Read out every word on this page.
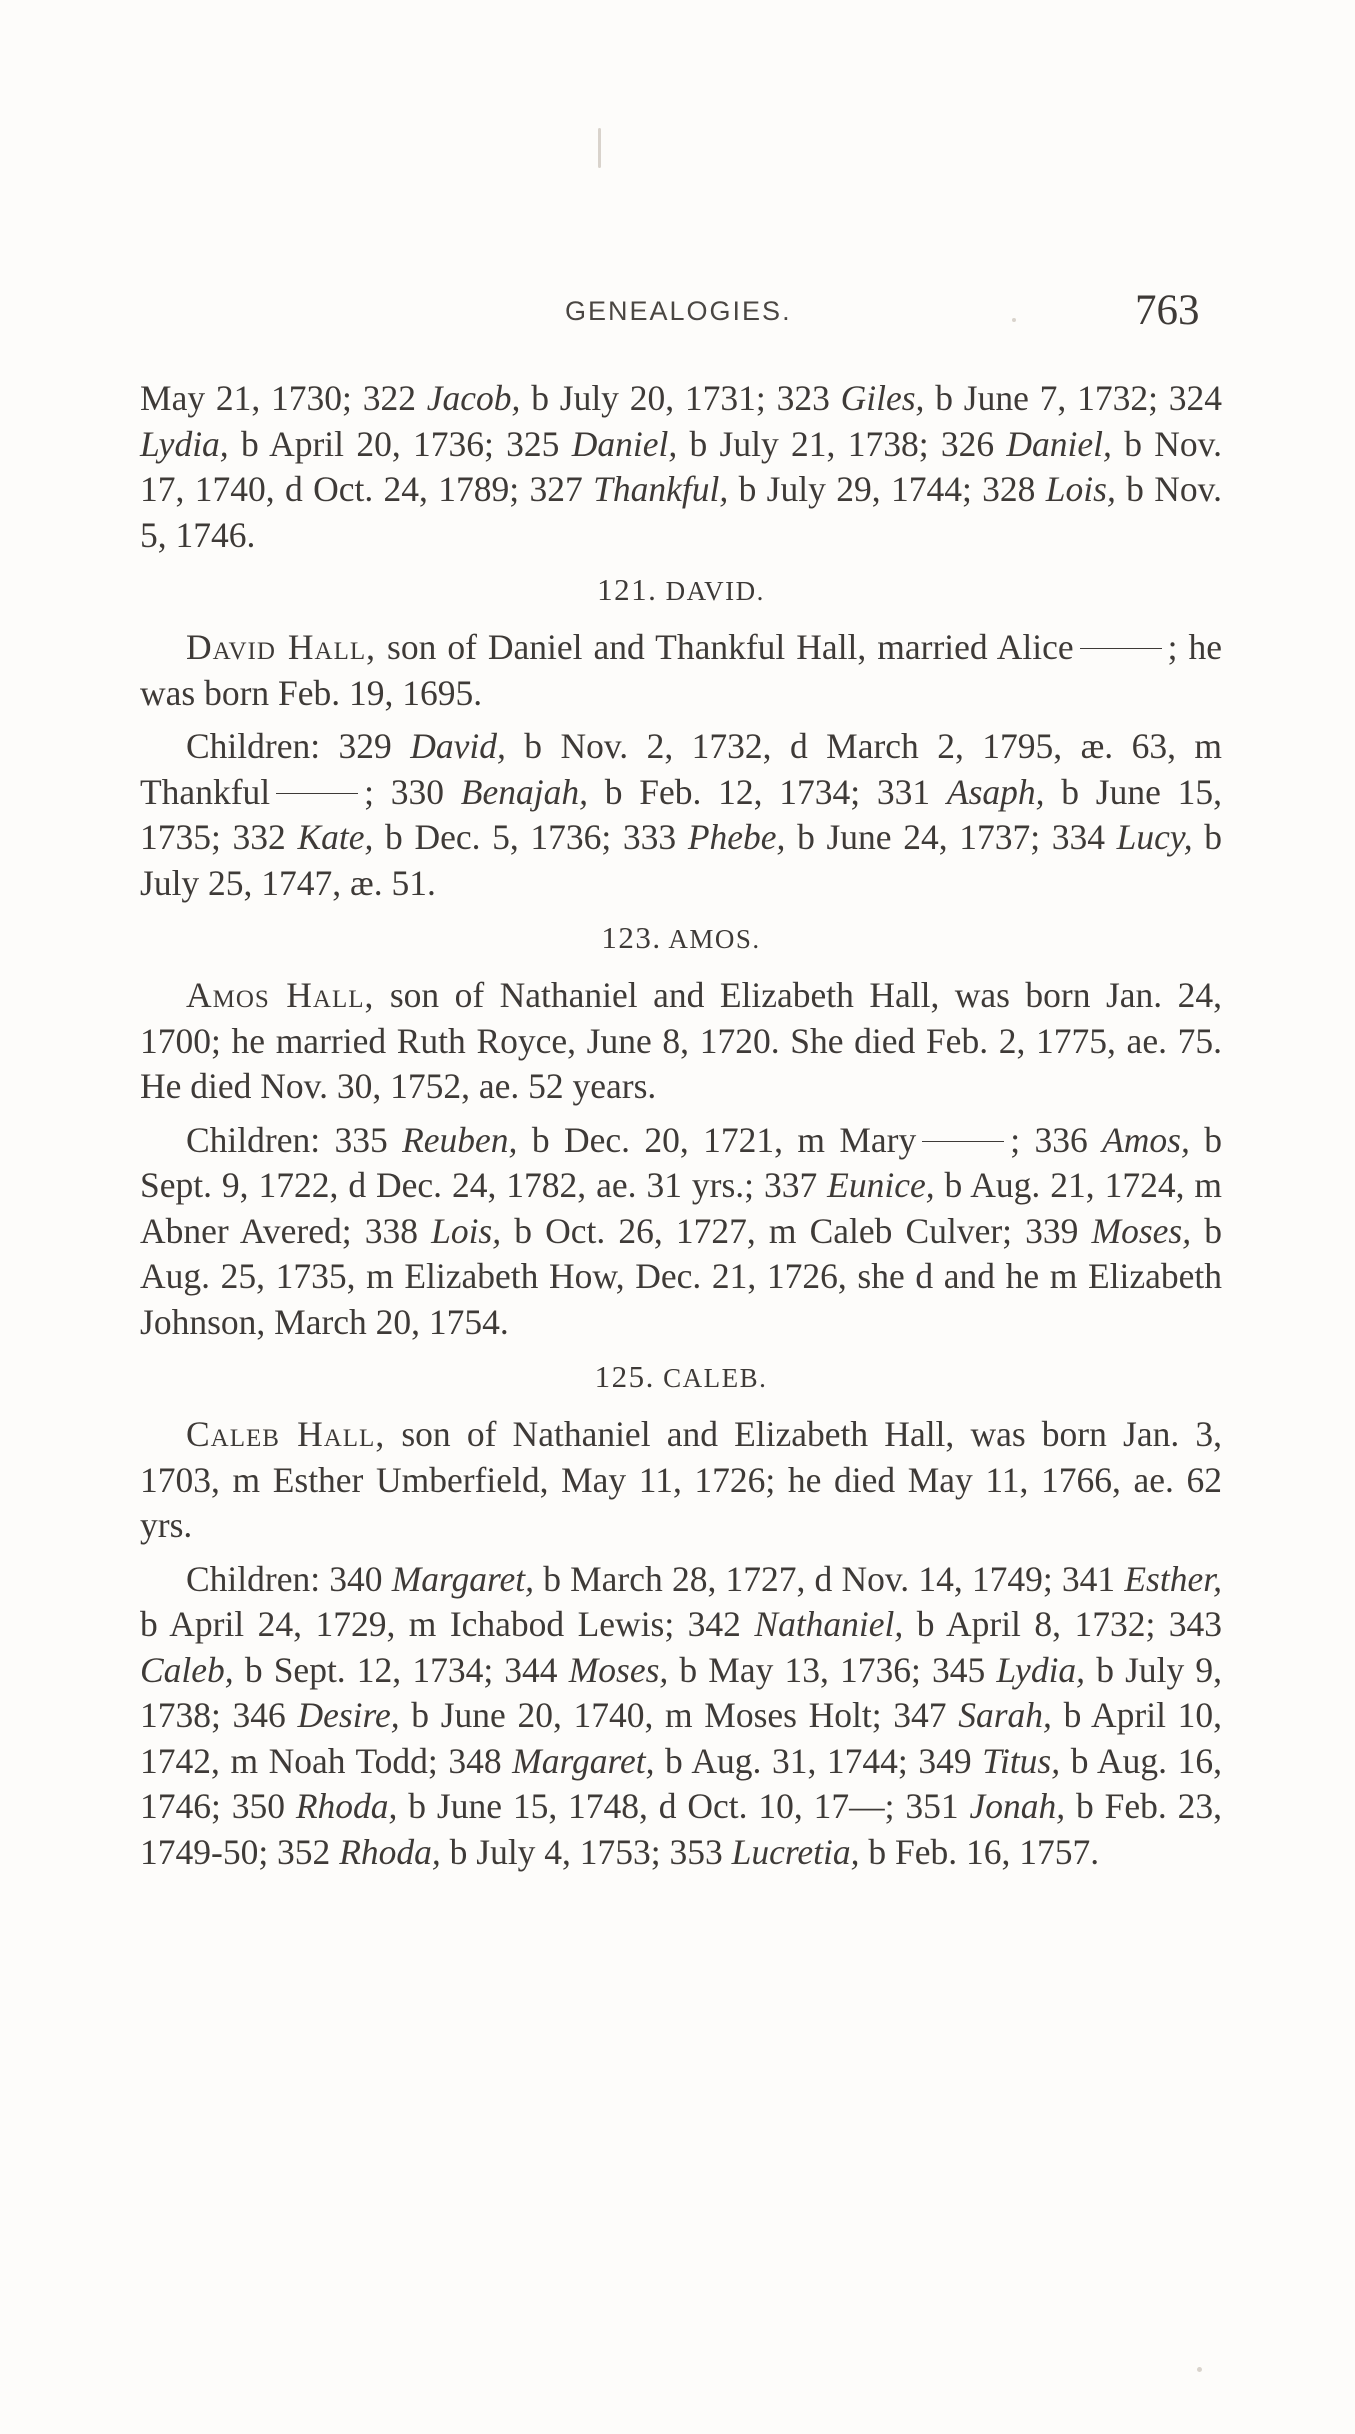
GENEALOGIES.	763

May 21, 1730; 322 Jacob, b July 20, 1731; 323 Giles, b June 7, 1732; 324 Lydia, b April 20, 1736; 325 Daniel, b July 21, 1738; 326 Daniel, b Nov. 17, 1740, d Oct. 24, 1789; 327 Thankful, b July 29, 1744; 328 Lois, b Nov. 5, 1746.

121. DAVID.

David Hall, son of Daniel and Thankful Hall, married Alice	; he was born Feb. 19, 1695.

Children: 329 David, b Nov. 2, 1732, d March 2, 1795, æ. 63, m Thankful	; 330 Benajah, b Feb. 12, 1734; 331 Asaph, b June 15, 1735; 332 Kate, b Dec. 5, 1736; 333 Phebe, b June 24, 1737; 334 Lucy, b July 25, 1747, æ. 51.

123. AMOS.

Amos Hall, son of Nathaniel and Elizabeth Hall, was born Jan. 24, 1700; he married Ruth Royce, June 8, 1720. She died Feb. 2, 1775, ae. 75. He died Nov. 30, 1752, ae. 52 years.

Children: 335 Reuben, b Dec. 20, 1721, m Mary	; 336 Amos, b Sept. 9, 1722, d Dec. 24, 1782, ae. 31 yrs.; 337 Eunice, b Aug. 21, 1724, m Abner Avered; 338 Lois, b Oct. 26, 1727, m Caleb Culver; 339 Moses, b Aug. 25, 1735, m Elizabeth How, Dec. 21, 1726, she d and he m Elizabeth Johnson, March 20, 1754.

125. CALEB.

Caleb Hall, son of Nathaniel and Elizabeth Hall, was born Jan. 3, 1703, m Esther Umberfield, May 11, 1726; he died May 11, 1766, ae. 62 yrs.

Children: 340 Margaret, b March 28, 1727, d Nov. 14, 1749; 341 Esther, b April 24, 1729, m Ichabod Lewis; 342 Nathaniel, b April 8, 1732; 343 Caleb, b Sept. 12, 1734; 344 Moses, b May 13, 1736; 345 Lydia, b July 9, 1738; 346 Desire, b June 20, 1740, m Moses Holt; 347 Sarah, b April 10, 1742, m Noah Todd; 348 Margaret, b Aug. 31, 1744; 349 Titus, b Aug. 16, 1746; 350 Rhoda, b June 15, 1748, d Oct. 10, 17—; 351 Jonah, b Feb. 23, 1749-50; 352 Rhoda, b July 4, 1753; 353 Lucretia, b Feb. 16, 1757.
